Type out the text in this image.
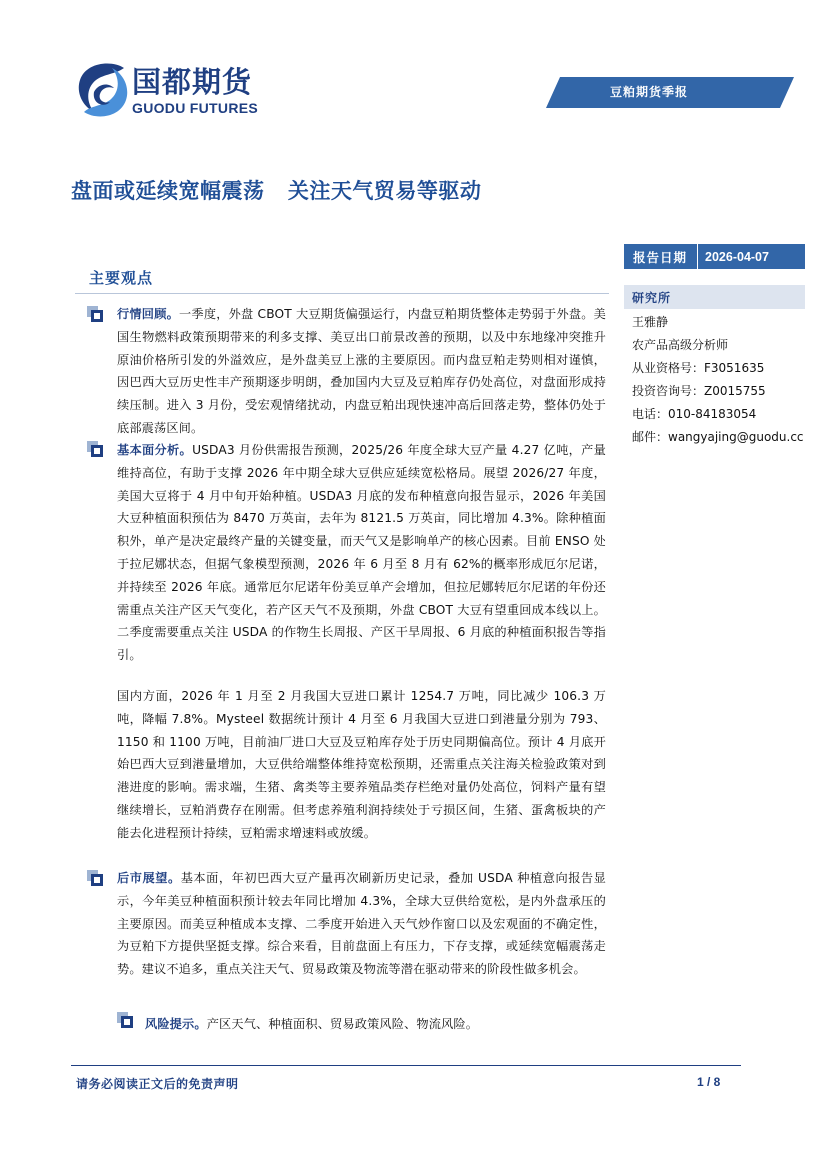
国都期货
GUODU FUTURES
豆粕期货季报
盘面或延续宽幅震荡   关注天气贸易等驱动
主要观点
行情回顾。一季度，外盘 CBOT 大豆期货偏强运行，内盘豆粕期货整体走势弱于外盘。美国生物燃料政策预期带来的利多支撑、美豆出口前景改善的预期，以及中东地缘冲突推升原油价格所引发的外溢效应，是外盘美豆上涨的主要原因。而内盘豆粕走势则相对谨慎，因巴西大豆历史性丰产预期逐步明朗，叠加国内大豆及豆粕库存仍处高位，对盘面形成持续压制。进入 3 月份，受宏观情绪扰动，内盘豆粕出现快速冲高后回落走势，整体仍处于底部震荡区间。
基本面分析。USDA3 月份供需报告预测，2025/26 年度全球大豆产量 4.27 亿吨，产量维持高位，有助于支撑 2026 年中期全球大豆供应延续宽松格局。展望 2026/27 年度，美国大豆将于 4 月中旬开始种植。USDA3 月底的发布种植意向报告显示，2026 年美国大豆种植面积预估为 8470 万英亩，去年为 8121.5 万英亩，同比增加 4.3%。除种植面积外，单产是决定最终产量的关键变量，而天气又是影响单产的核心因素。目前 ENSO 处于拉尼娜状态，但据气象模型预测，2026 年 6 月至 8 月有 62%的概率形成厄尔尼诺，并持续至 2026 年底。通常厄尔尼诺年份美豆单产会增加，但拉尼娜转厄尔尼诺的年份还需重点关注产区天气变化，若产区天气不及预期，外盘 CBOT 大豆有望重回成本线以上。二季度需要重点关注 USDA 的作物生长周报、产区干旱周报、6 月底的种植面积报告等指引。
国内方面，2026 年 1 月至 2 月我国大豆进口累计 1254.7 万吨，同比减少 106.3 万吨，降幅 7.8%。Mysteel 数据统计预计 4 月至 6 月我国大豆进口到港量分别为 793、1150 和 1100 万吨，目前油厂进口大豆及豆粕库存处于历史同期偏高位。预计 4 月底开始巴西大豆到港量增加，大豆供给端整体维持宽松预期，还需重点关注海关检验政策对到港进度的影响。需求端，生猪、禽类等主要养殖品类存栏绝对量仍处高位，饲料产量有望继续增长，豆粕消费存在刚需。但考虑养殖利润持续处于亏损区间，生猪、蛋禽板块的产能去化进程预计持续，豆粕需求增速料或放缓。
后市展望。基本面，年初巴西大豆产量再次刷新历史记录，叠加 USDA 种植意向报告显示，今年美豆种植面积预计较去年同比增加 4.3%，全球大豆供给宽松，是内外盘承压的主要原因。而美豆种植成本支撑、二季度开始进入天气炒作窗口以及宏观面的不确定性，为豆粕下方提供坚挺支撑。综合来看，目前盘面上有压力，下存支撑，或延续宽幅震荡走势。建议不追多，重点关注天气、贸易政策及物流等潜在驱动带来的阶段性做多机会。
风险提示。产区天气、种植面积、贸易政策风险、物流风险。
报告日期	2026-04-07
研究所
王雅静
农产品高级分析师
从业资格号：F3051635
投资咨询号：Z0015755
电话：010-84183054
邮件：wangyajing@guodu.cc
请务必阅读正文后的免责声明	1 / 8
